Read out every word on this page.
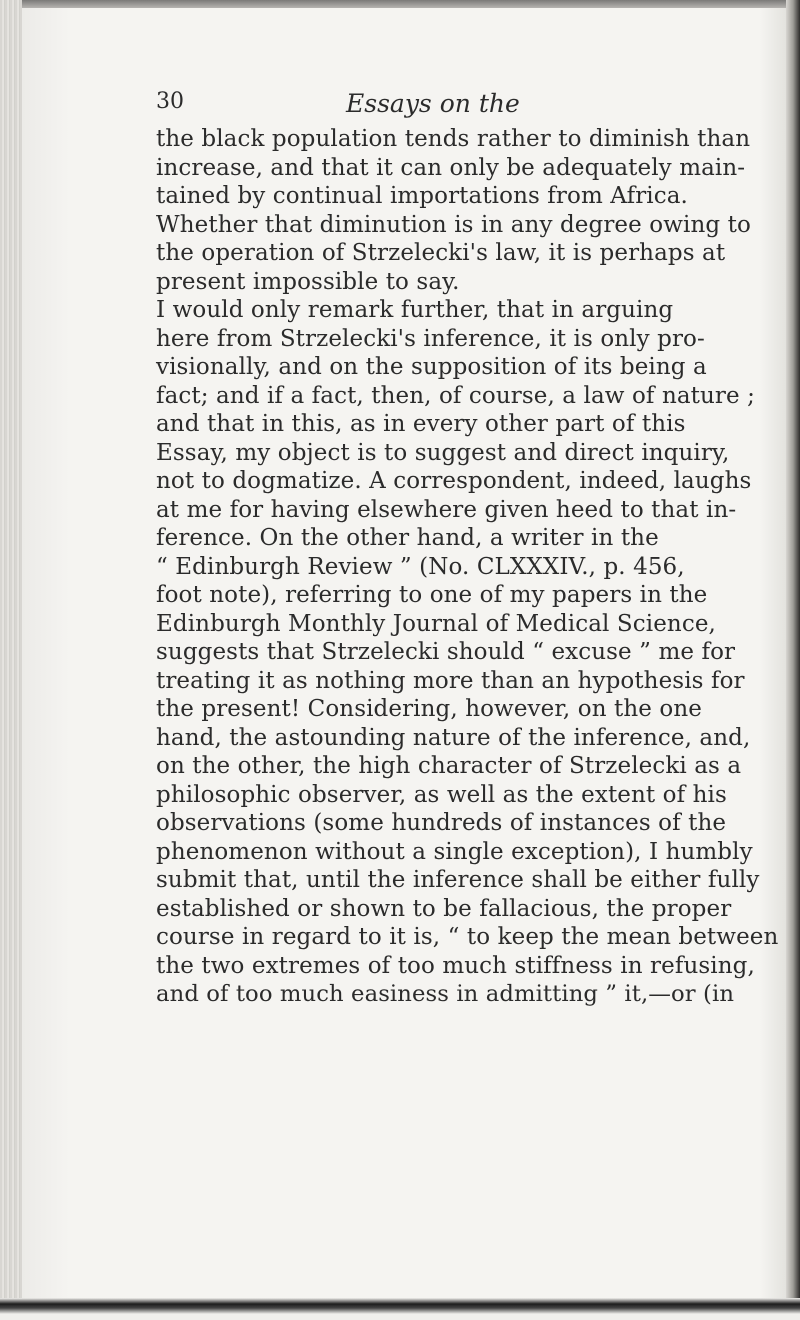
30	Essays on the
the black population tends rather to diminish than
increase, and that it can only be adequately main-
tained by continual importations from Africa.
Whether that diminution is in any degree owing to
the operation of Strzelecki's law, it is perhaps at
present impossible to say.
I would only remark further, that in arguing
here from Strzelecki's inference, it is only pro-
visionally, and on the supposition of its being a
fact; and if a fact, then, of course, a law of nature ;
and that in this, as in every other part of this
Essay, my object is to suggest and direct inquiry,
not to dogmatize. A correspondent, indeed, laughs
at me for having elsewhere given heed to that in-
ference. On the other hand, a writer in the
“ Edinburgh Review ” (No. CLXXXIV., p. 456,
foot note), referring to one of my papers in the
Edinburgh Monthly Journal of Medical Science,
suggests that Strzelecki should “ excuse ” me for
treating it as nothing more than an hypothesis for
the present! Considering, however, on the one
hand, the astounding nature of the inference, and,
on the other, the high character of Strzelecki as a
philosophic observer, as well as the extent of his
observations (some hundreds of instances of the
phenomenon without a single exception), I humbly
submit that, until the inference shall be either fully
established or shown to be fallacious, the proper
course in regard to it is, “ to keep the mean between
the two extremes of too much stiffness in refusing,
and of too much easiness in admitting ” it,—or (in
